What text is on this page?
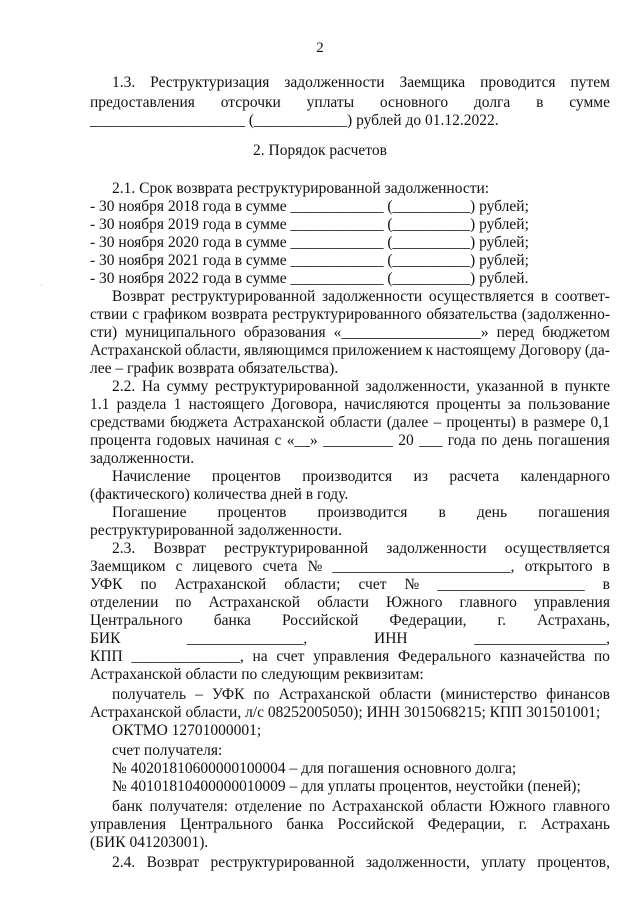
2
1.3. Реструктуризация задолженности Заемщика проводится путем
предоставления отсрочки уплаты основного долга в сумме
____________________ (____________) рублей до 01.12.2022.
2. Порядок расчетов
2.1. Срок возврата реструктурированной задолженности:
- 30 ноября 2018 года в сумме ____________ (__________) рублей;
- 30 ноября 2019 года в сумме ____________ (__________) рублей;
- 30 ноября 2020 года в сумме ____________ (__________) рублей;
- 30 ноября 2021 года в сумме ____________ (__________) рублей;
- 30 ноября 2022 года в сумме ____________ (__________) рублей.
Возврат реструктурированной задолженности осуществляется в соответ-
ствии с графиком возврата реструктурированного обязательства (задолженно-
сти) муниципального образования «__________________» перед бюджетом
Астраханской области, являющимся приложением к настоящему Договору (да-
лее – график возврата обязательства).
2.2. На сумму реструктурированной задолженности, указанной в пункте
1.1 раздела 1 настоящего Договора, начисляются проценты за пользование
средствами бюджета Астраханской области (далее – проценты) в размере 0,1
процента годовых начиная с «__» _________ 20 ___ года по день погашения
задолженности.
Начисление процентов производится из расчета календарного
(фактического) количества дней в году.
Погашение процентов производится в день погашения
реструктурированной задолженности.
2.3. Возврат реструктурированной задолженности осуществляется
Заемщиком с лицевого счета № _______________________, открытого в
УФК по Астраханской области; счет № ___________________ в
отделении по Астраханской области Южного главного управления
Центрального банка Российской Федерации, г. Астрахань,
БИК	_______________,	ИНН	_________________,
КПП ______________, на счет управления Федерального казначейства по
Астраханской области по следующим реквизитам:
получатель – УФК по Астраханской области (министерство финансов
Астраханской области, л/с 08252005050); ИНН 3015068215; КПП 301501001;
ОКТМО 12701000001;
счет получателя:
№ 40201810600000100004 – для погашения основного долга;
№ 40101810400000010009 – для уплаты процентов, неустойки (пеней);
банк получателя: отделение по Астраханской области Южного главного
управления Центрального банка Российской Федерации, г. Астрахань
(БИК 041203001).
2.4. Возврат реструктурированной задолженности, уплату процентов,
·
